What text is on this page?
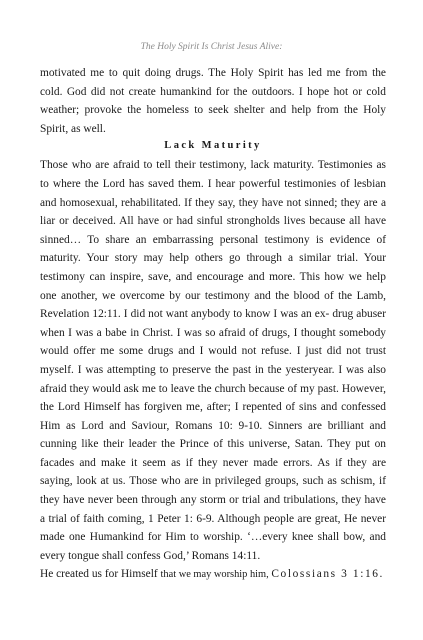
The Holy Spirit Is Christ Jesus Alive:

motivated me to quit doing drugs. The Holy Spirit has led me from the cold. God did not create humankind for the outdoors. I hope hot or cold weather; provoke the homeless to seek shelter and help from the Holy Spirit, as well.

Lack Maturity

Those who are afraid to tell their testimony, lack maturity. Testimonies as to where the Lord has saved them. I hear powerful testimonies of lesbian and homosexual, rehabilitated. If they say, they have not sinned; they are a liar or deceived. All have or had sinful strongholds lives because all have sinned… To share an embarrassing personal testimony is evidence of maturity. Your story may help others go through a similar trial. Your testimony can inspire, save, and encourage and more. This how we help one another, we overcome by our testimony and the blood of the Lamb, Revelation 12:11. I did not want anybody to know I was an ex- drug abuser when I was a babe in Christ. I was so afraid of drugs, I thought somebody would offer me some drugs and I would not refuse. I just did not trust myself. I was attempting to preserve the past in the yesteryear. I was also afraid they would ask me to leave the church because of my past. However, the Lord Himself has forgiven me, after; I repented of sins and confessed Him as Lord and Saviour, Romans 10: 9-10. Sinners are brilliant and cunning like their leader the Prince of this universe, Satan. They put on facades and make it seem as if they never made errors. As if they are saying, look at us. Those who are in privileged groups, such as schism, if they have never been through any storm or trial and tribulations, they have a trial of faith coming, 1 Peter 1: 6-9. Although people are great, He never made one Humankind for Him to worship. ‘…every knee shall bow, and every tongue shall confess God,’ Romans 14:11.

He created us for Himself that we may worship him, Colossians 3 1:16.
